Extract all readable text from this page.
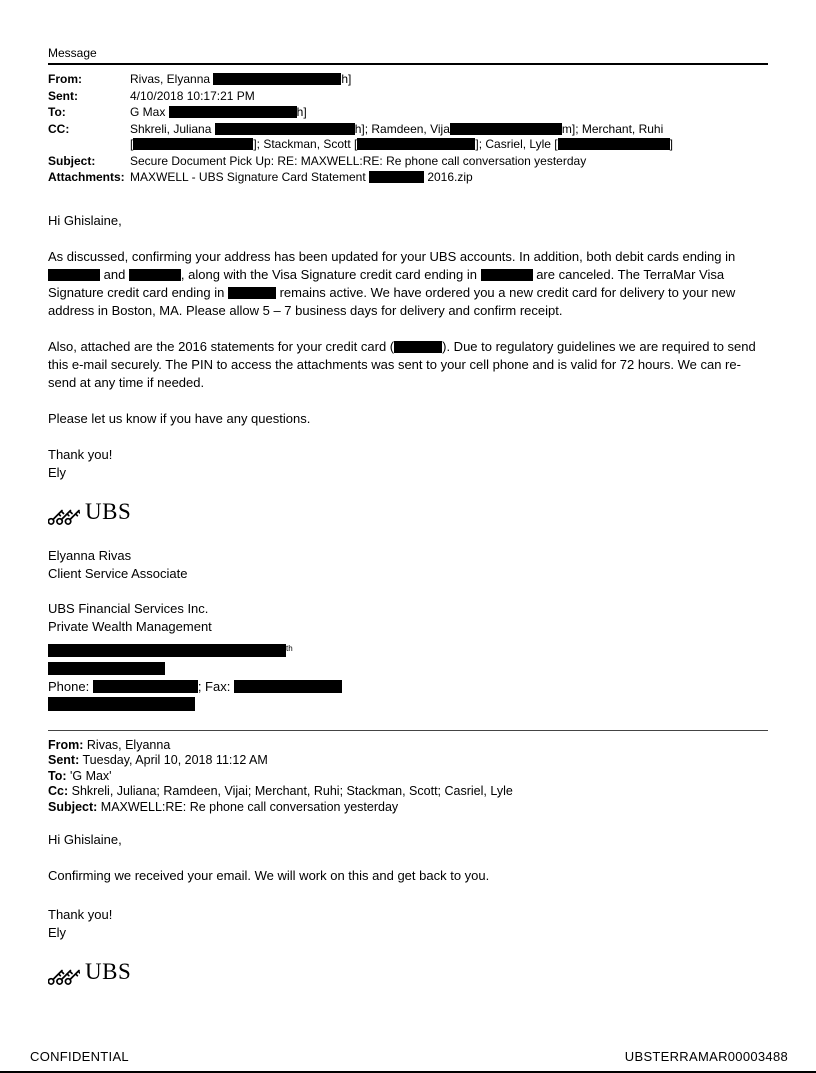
Message
From:	Rivas, Elyanna	h]
Sent:	4/10/2018 10:17:21 PM
To:	G Max	h]
CC:	Shkreli, Juliana	h]; Ramdeen, Vija	m]; Merchant, Ruhi
[	]; Stackman, Scott [	]; Casriel, Lyle [	]
Subject:	Secure Document Pick Up: RE: MAXWELL:RE: Re phone call conversation yesterday
Attachments: MAXWELL - UBS Signature Card Statement	2016.zip

Hi Ghislaine,

As discussed, confirming your address has been updated for your UBS accounts. In addition, both debit cards ending in  and	, along with the Visa Signature credit card ending in	are canceled. The TerraMar Visa Signature credit card ending in	remains active. We have ordered you a new credit card for delivery to your new address in Boston, MA. Please allow 5 – 7 business days for delivery and confirm receipt.

Also, attached are the 2016 statements for your credit card (	). Due to regulatory guidelines we are required to send this e-mail securely. The PIN to access the attachments was sent to your cell phone and is valid for 72 hours. We can re-send at any time if needed.

Please let us know if you have any questions.

Thank you!
Ely
UBS
Elyanna Rivas
Client Service Associate
UBS Financial Services Inc.
Private Wealth Management
$^{th}$
Phone:	; Fax:
From: Rivas, Elyanna
Sent: Tuesday, April 10, 2018 11:12 AM
To: 'G Max'
Cc: Shkreli, Juliana; Ramdeen, Vijai; Merchant, Ruhi; Stackman, Scott; Casriel, Lyle
Subject: MAXWELL:RE: Re phone call conversation yesterday

Hi Ghislaine,

Confirming we received your email. We will work on this and get back to you.

Thank you!
Ely
UBS
CONFIDENTIAL	UBSTERRAMAR00003488
